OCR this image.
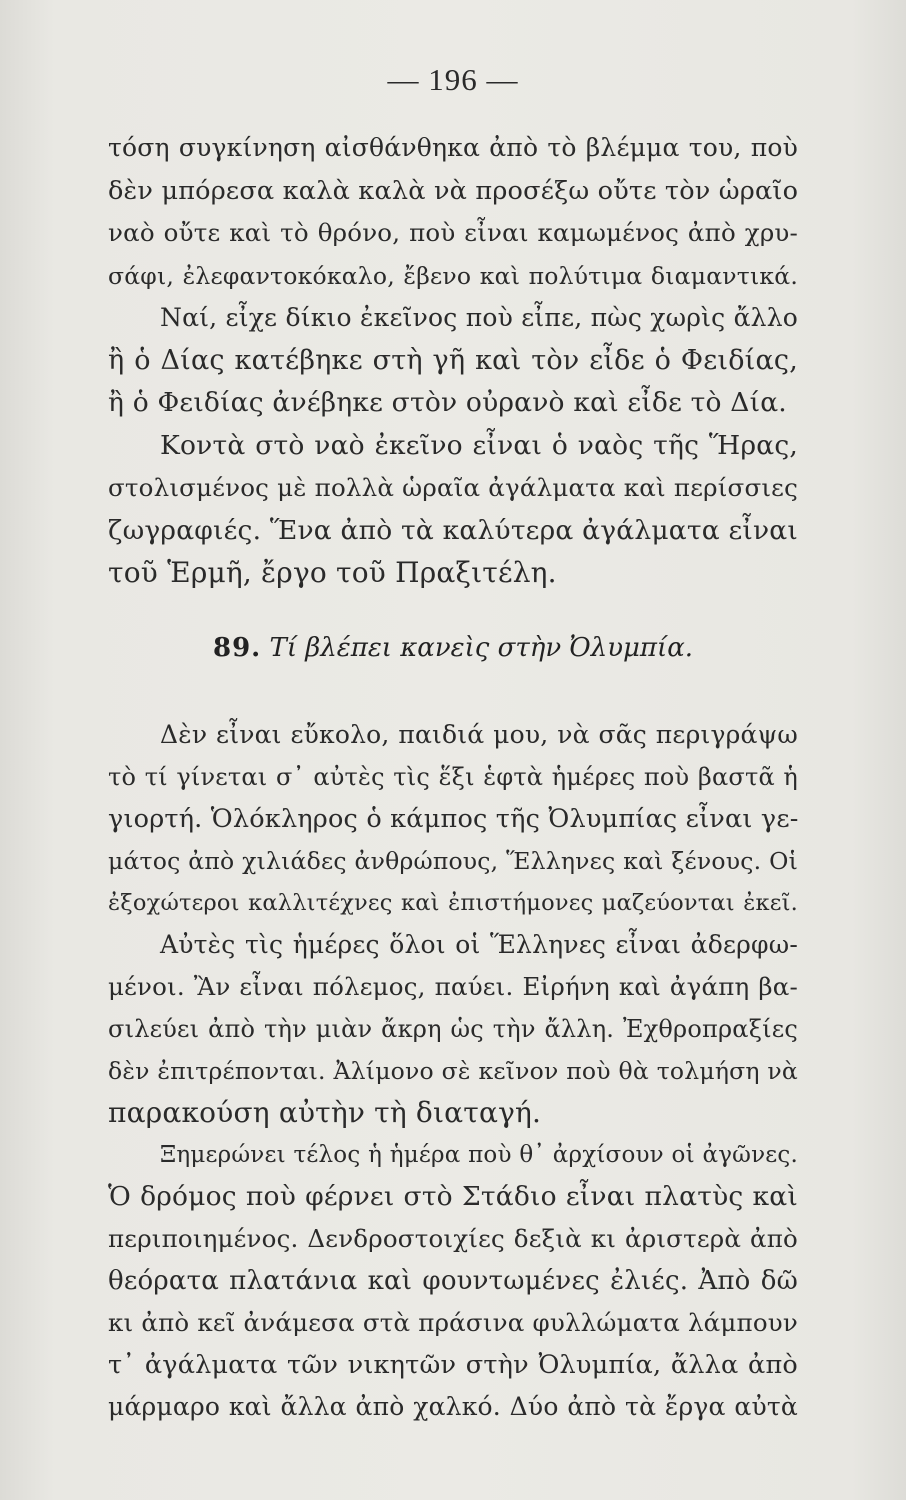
— 196 —
τόση συγκίνηση αἰσθάνθηκα ἀπὸ τὸ βλέμμα του, ποὺ
δὲν μπόρεσα καλὰ καλὰ νὰ προσέξω οὔτε τὸν ὡραῖο
ναὸ οὔτε καὶ τὸ θρόνο, ποὺ εἶναι καμωμένος ἀπὸ χρυ-
σάφι, ἐλεφαντοκόκαλο, ἔβενο καὶ πολύτιμα διαμαντικά.
Ναί, εἶχε δίκιο ἐκεῖνος ποὺ εἶπε, πὼς χωρὶς ἄλλο
ἢ ὁ Δίας κατέβηκε στὴ γῆ καὶ τὸν εἶδε ὁ Φειδίας,
ἢ ὁ Φειδίας ἀνέβηκε στὸν οὐρανὸ καὶ εἶδε τὸ Δία.
Κοντὰ στὸ ναὸ ἐκεῖνο εἶναι ὁ ναὸς τῆς Ἥρας,
στολισμένος μὲ πολλὰ ὡραῖα ἀγάλματα καὶ περίσσιες
ζωγραφιές. Ἕνα ἀπὸ τὰ καλύτερα ἀγάλματα εἶναι
τοῦ Ἑρμῆ, ἔργο τοῦ Πραξιτέλη.
89. Τί βλέπει κανεὶς στὴν Ὀλυμπία.
Δὲν εἶναι εὔκολο, παιδιά μου, νὰ σᾶς περιγράψω
τὸ τί γίνεται σ᾿ αὐτὲς τὶς ἕξι ἑφτὰ ἡμέρες ποὺ βαστᾶ ἡ
γιορτή. Ὁλόκληρος ὁ κάμπος τῆς Ὀλυμπίας εἶναι γε-
μάτος ἀπὸ χιλιάδες ἀνθρώπους, Ἕλληνες καὶ ξένους. Οἱ
ἐξοχώτεροι καλλιτέχνες καὶ ἐπιστήμονες μαζεύονται ἐκεῖ.
Αὐτὲς τὶς ἡμέρες ὅλοι οἱ Ἕλληνες εἶναι ἀδερφω-
μένοι. Ἂν εἶναι πόλεμος, παύει. Εἰρήνη καὶ ἀγάπη βα-
σιλεύει ἀπὸ τὴν μιὰν ἄκρη ὡς τὴν ἄλλη. Ἐχθροπραξίες
δὲν ἐπιτρέπονται. Ἀλίμονο σὲ κεῖνον ποὺ θὰ τολμήση νὰ
παρακούση αὐτὴν τὴ διαταγή.
Ξημερώνει τέλος ἡ ἡμέρα ποὺ θ᾿ ἀρχίσουν οἱ ἀγῶνες.
Ὁ δρόμος ποὺ φέρνει στὸ Στάδιο εἶναι πλατὺς καὶ
περιποιημένος. Δενδροστοιχίες δεξιὰ κι ἀριστερὰ ἀπὸ
θεόρατα πλατάνια καὶ φουντωμένες ἐλιές. Ἀπὸ δῶ
κι ἀπὸ κεῖ ἀνάμεσα στὰ πράσινα φυλλώματα λάμπουν
τ᾿ ἀγάλματα τῶν νικητῶν στὴν Ὀλυμπία, ἄλλα ἀπὸ
μάρμαρο καὶ ἄλλα ἀπὸ χαλκό. Δύο ἀπὸ τὰ ἔργα αὐτὰ
